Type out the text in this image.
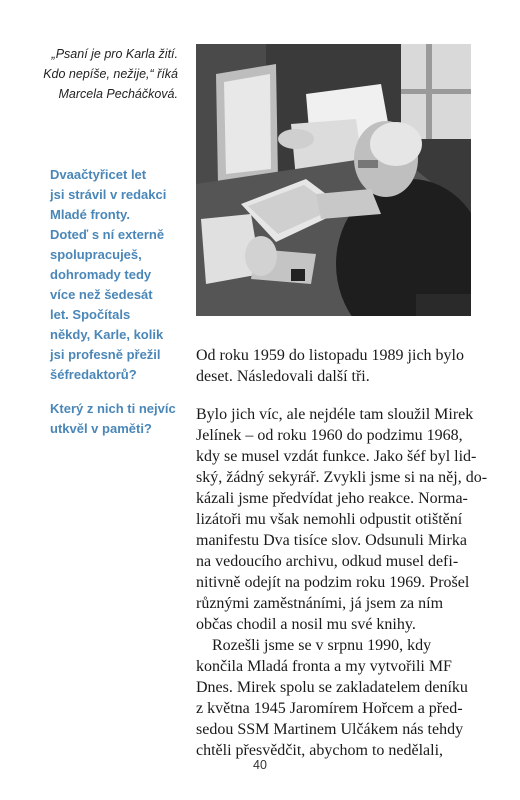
„Psaní je pro Karla žití.
Kdo nepíše, nežije,“ říká
Marcela Pecháčková.
Dvaačtyřicet let
jsi strávil v redakci
Mladé fronty.
Doteď s ní externě
spolupracuješ,
dohromady tedy
více než šedesát
let. Spočítals
někdy, Karle, kolik
jsi profesně přežil
šéfredaktorů?
Který z nich ti nejvíc
utkvěl v paměti?
Od roku 1959 do listopadu 1989 jich bylo
deset. Následovali další tři.
Bylo jich víc, ale nejdéle tam sloužil Mirek
Jelínek – od roku 1960 do podzimu 1968,
kdy se musel vzdát funkce. Jako šéf byl lid-
ský, žádný sekyrář. Zvykli jsme si na něj, do-
kázali jsme předvídat jeho reakce. Norma-
lizátoři mu však nemohli odpustit otištění
manifestu Dva tisíce slov. Odsunuli Mirka
na vedoucího archivu, odkud musel defi-
nitivně odejít na podzim roku 1969. Prošel
různými zaměstnáními, já jsem za ním
občas chodil a nosil mu své knihy.
Rozešli jsme se v srpnu 1990, kdy
končila Mladá fronta a my vytvořili MF
Dnes. Mirek spolu se zakladatelem deníku
z května 1945 Jaromírem Hořcem a před-
sedou SSM Martinem Ulčákem nás tehdy
chtěli přesvědčit, abychom to nedělali,
40
